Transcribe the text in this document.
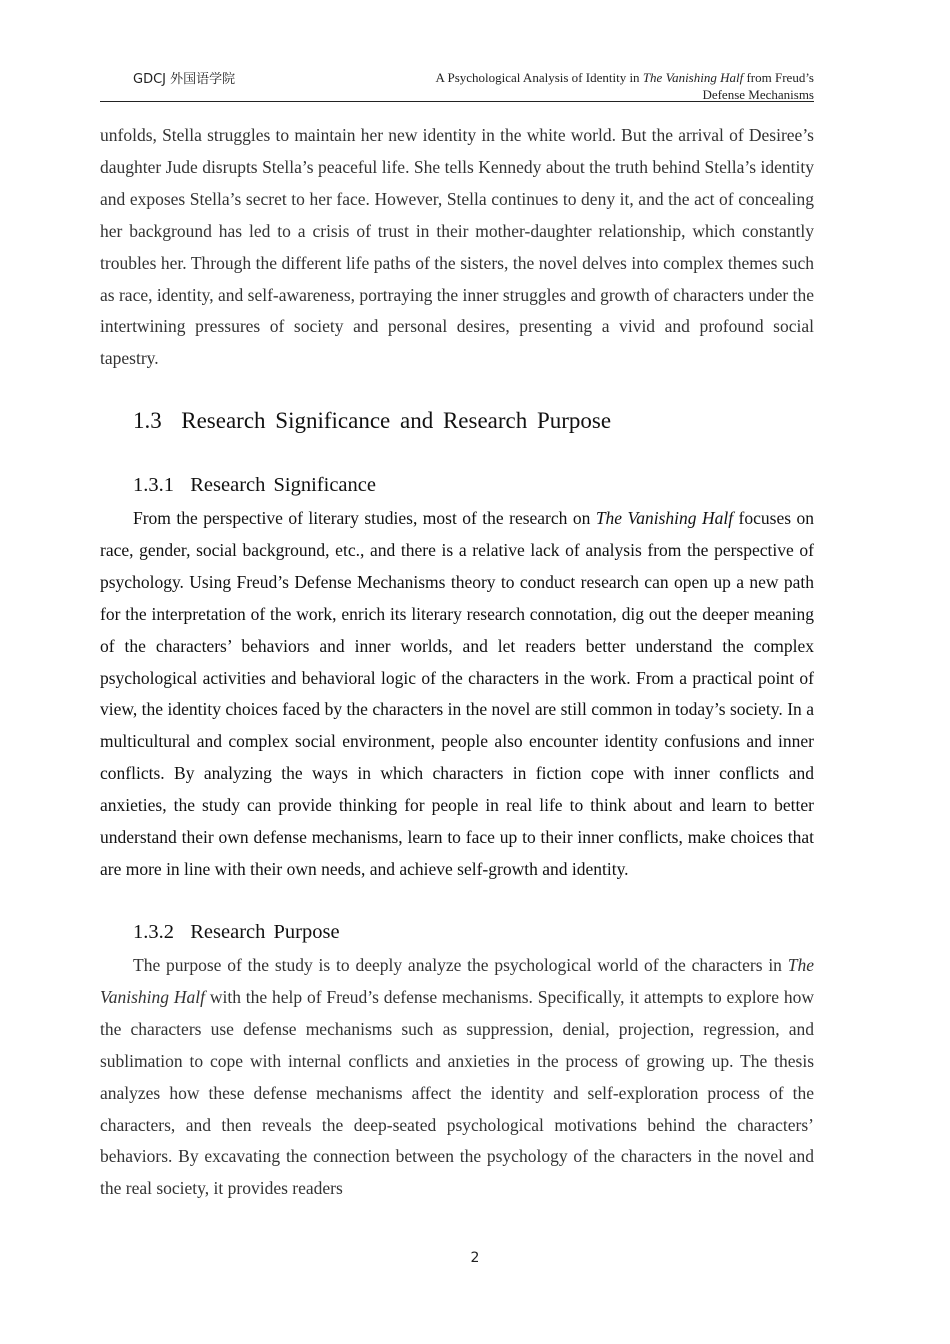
GDCJ 外国语学院	A Psychological Analysis of Identity in The Vanishing Half from Freud’s
Defense Mechanisms

unfolds, Stella struggles to maintain her new identity in the white world. But the arrival of Desiree’s daughter Jude disrupts Stella’s peaceful life. She tells Kennedy about the truth behind Stella’s identity and exposes Stella’s secret to her face. However, Stella continues to deny it, and the act of concealing her background has led to a crisis of trust in their mother-daughter relationship, which constantly troubles her. Through the different life paths of the sisters, the novel delves into complex themes such as race, identity, and self-awareness, portraying the inner struggles and growth of characters under the intertwining pressures of society and personal desires, presenting a vivid and profound social tapestry.

1.3 Research Significance and Research Purpose
1.3.1 Research Significance

From the perspective of literary studies, most of the research on The Vanishing Half focuses on race, gender, social background, etc., and there is a relative lack of analysis from the perspective of psychology. Using Freud’s Defense Mechanisms theory to conduct research can open up a new path for the interpretation of the work, enrich its literary research connotation, dig out the deeper meaning of the characters’ behaviors and inner worlds, and let readers better understand the complex psychological activities and behavioral logic of the characters in the work. From a practical point of view, the identity choices faced by the characters in the novel are still common in today’s society. In a multicultural and complex social environment, people also encounter identity confusions and inner conflicts. By analyzing the ways in which characters in fiction cope with inner conflicts and anxieties, the study can provide thinking for people in real life to think about and learn to better understand their own defense mechanisms, learn to face up to their inner conflicts, make choices that are more in line with their own needs, and achieve self-growth and identity.

1.3.2 Research Purpose

The purpose of the study is to deeply analyze the psychological world of the characters in The Vanishing Half with the help of Freud’s defense mechanisms. Specifically, it attempts to explore how the characters use defense mechanisms such as suppression, denial, projection, regression, and sublimation to cope with internal conflicts and anxieties in the process of growing up. The thesis analyzes how these defense mechanisms affect the identity and self-exploration process of the characters, and then reveals the deep-seated psychological motivations behind the characters’ behaviors. By excavating the connection between the psychology of the characters in the novel and the real society, it provides readers

2
